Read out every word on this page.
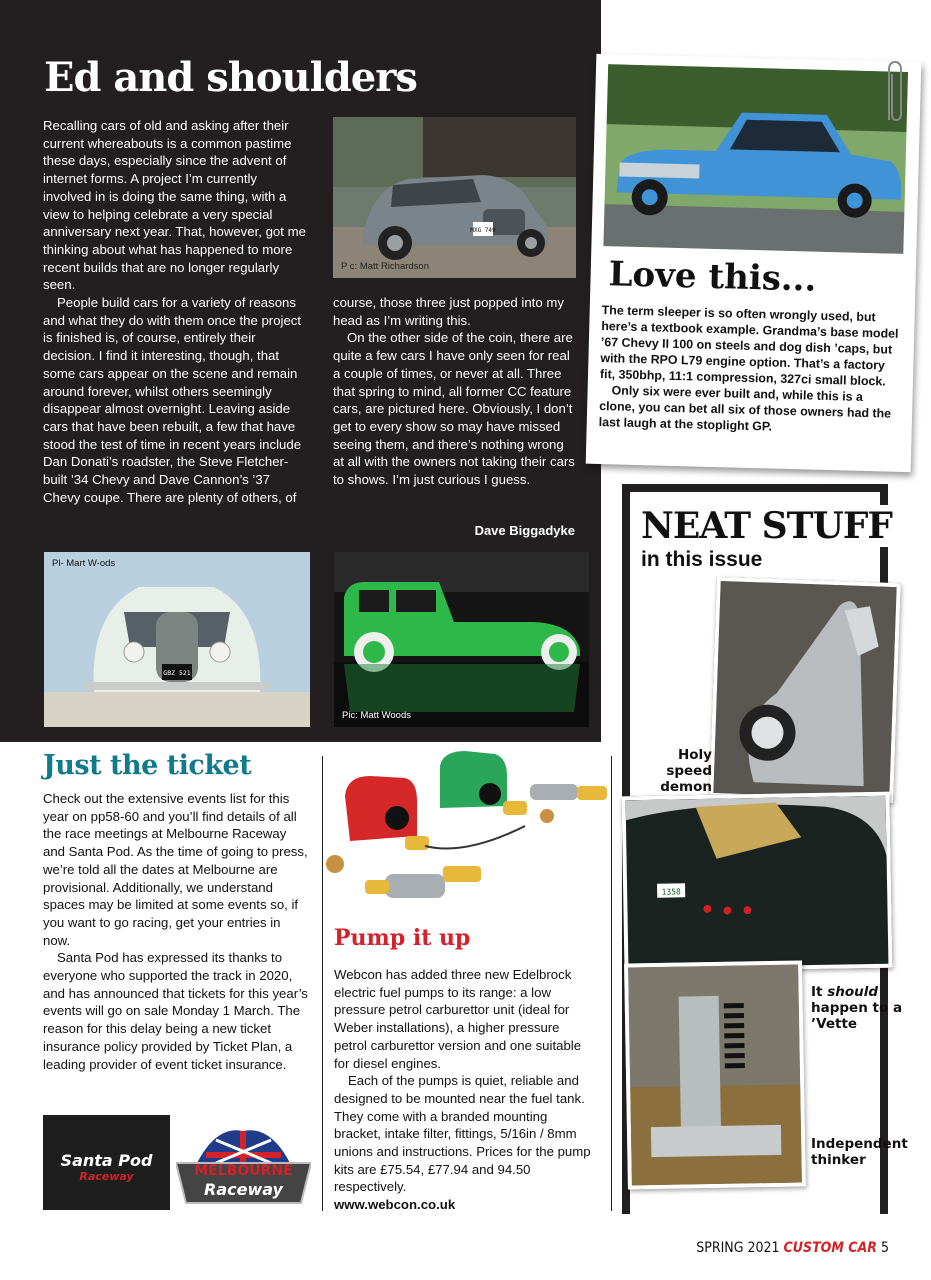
Ed and shoulders

Recalling cars of old and asking after their current whereabouts is a common pastime these days, especially since the advent of internet forms. A project I’m currently involved in is doing the same thing, with a view to helping celebrate a very special anniversary next year. That, however, got me thinking about what has happened to more recent builds that are no longer regularly seen.

People build cars for a variety of reasons and what they do with them once the project is finished is, of course, entirely their decision. I find it interesting, though, that some cars appear on the scene and remain around forever, whilst others seemingly disappear almost overnight. Leaving aside cars that have been rebuilt, a few that have stood the test of time in recent years include Dan Donati’s roadster, the Steve Fletcher-built ’34 Chevy and Dave Cannon’s ’37 Chevy coupe. There are plenty of others, of

MXG 749
P c: Matt Richardson

course, those three just popped into my head as I’m writing this.

On the other side of the coin, there are quite a few cars I have only seen for real a couple of times, or never at all. Three that spring to mind, all former CC feature cars, are pictured here. Obviously, I don’t get to every show so may have missed seeing them, and there’s nothing wrong at all with the owners not taking their cars to shows. I’m just curious I guess.

Dave Biggadyke
GBZ 521
Pl- Mart W-ods
Pic: Matt Woods
Love this...

The term sleeper is so often wrongly used, but here’s a textbook example. Grandma’s base model ’67 Chevy II 100 on steels and dog dish ’caps, but with the RPO L79 engine option. That’s a factory fit, 350bhp, 11:1 compression, 327ci small block.

Only six were ever built and, while this is a clone, you can bet all six of those owners had the last laugh at the stoplight GP.

Just the ticket

Check out the extensive events list for this year on pp58-60 and you’ll find details of all the race meetings at Melbourne Raceway and Santa Pod. As the time of going to press, we’re told all the dates at Melbourne are provisional. Additionally, we understand spaces may be limited at some events so, if you want to go racing, get your entries in now.

Santa Pod has expressed its thanks to everyone who supported the track in 2020, and has announced that tickets for this year’s events will go on sale Monday 1 March. The reason for this delay being a new ticket insurance policy provided by Ticket Plan, a leading provider of event ticket insurance.

Santa Pod
Raceway	MELBOURNE
Raceway
Pump it up

Webcon has added three new Edelbrock electric fuel pumps to its range: a low pressure petrol carburettor unit (ideal for Weber installations), a higher pressure petrol carburettor version and one suitable for diesel engines.

Each of the pumps is quiet, reliable and designed to be mounted near the fuel tank. They come with a branded mounting bracket, intake filter, fittings, 5/16in / 8mm unions and instructions. Prices for the pump kits are £75.54, £77.94 and 94.50 respectively.

www.webcon.co.uk
NEAT STUFF
in this issue
Holy speed demon
1358
It should happen to a ’Vette
Independent thinker
SPRING 2021 CUSTOM CAR 5
